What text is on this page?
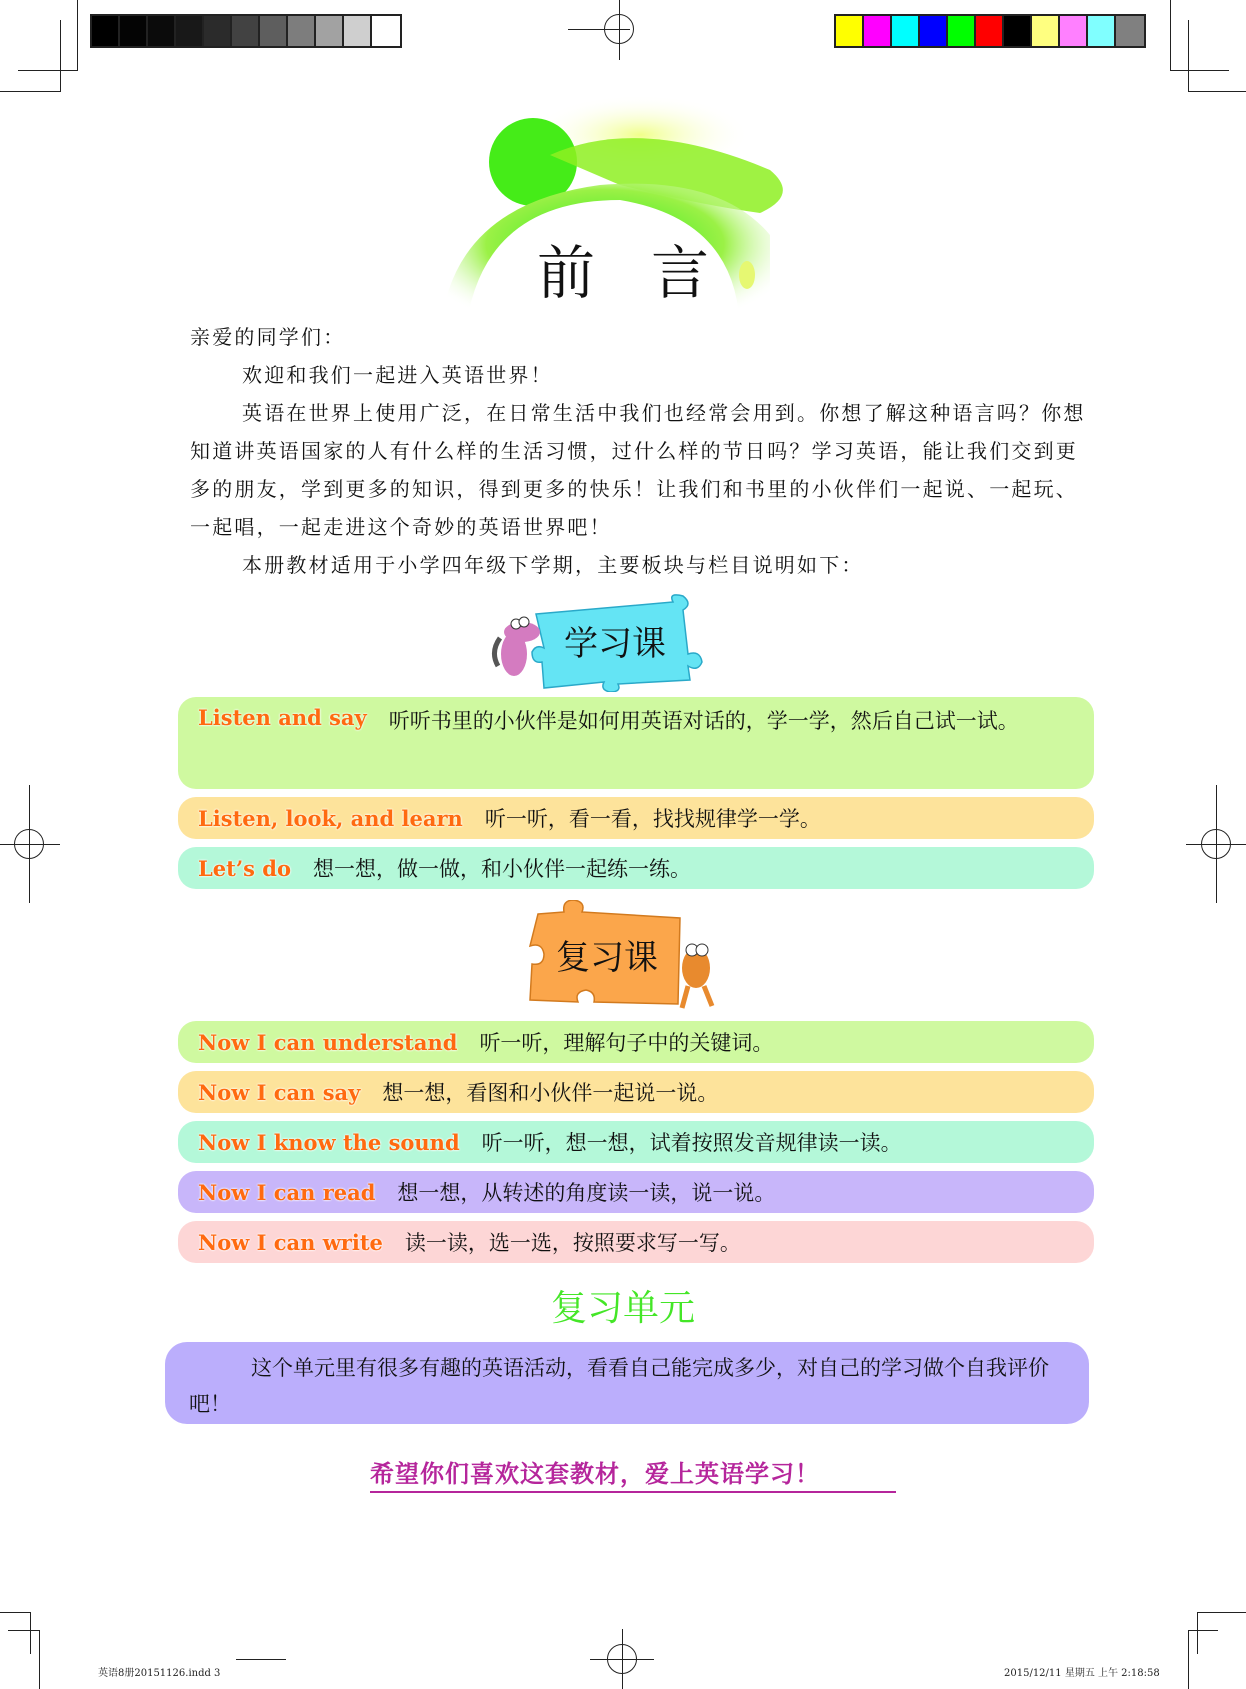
前言

亲爱的同学们：

欢迎和我们一起进入英语世界！

英语在世界上使用广泛，在日常生活中我们也经常会用到。你想了解这种语言吗？你想知道讲英语国家的人有什么样的生活习惯，过什么样的节日吗？学习英语，能让我们交到更多的朋友，学到更多的知识，得到更多的快乐！让我们和书里的小伙伴们一起说、一起玩、一起唱，一起走进这个奇妙的英语世界吧！

本册教材适用于小学四年级下学期，主要板块与栏目说明如下：

学习课
Listen and say 听听书里的小伙伴是如何用英语对话的，学一学，然后自己试一试。
Listen, look, and learn 听一听，看一看，找找规律学一学。
Let’s do 想一想，做一做，和小伙伴一起练一练。
复习课
Now I can understand 听一听，理解句子中的关键词。
Now I can say 想一想，看图和小伙伴一起说一说。
Now I know the sound 听一听，想一想，试着按照发音规律读一读。
Now I can read 想一想，从转述的角度读一读，说一说。
Now I can write 读一读，选一选，按照要求写一写。
复习单元
这个单元里有很多有趣的英语活动，看看自己能完成多少，对自己的学习做个自我评价吧！
希望你们喜欢这套教材，爱上英语学习！
英语8册20151126.indd 3	2015/12/11 星期五 上午 2:18:58
